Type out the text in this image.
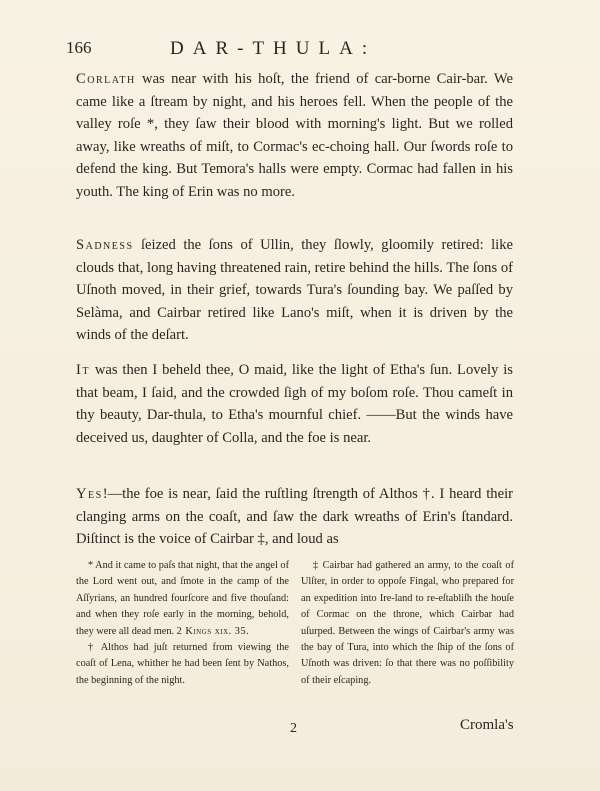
166	DAR-THULA:

Corlath was near with his hoſt, the friend of car-borne Cair-bar. We came like a ſtream by night, and his heroes fell. When the people of the valley roſe *, they ſaw their blood with morning's light. But we rolled away, like wreaths of miſt, to Cormac's ec-choing hall. Our ſwords roſe to defend the king. But Temora's halls were empty. Cormac had fallen in his youth. The king of Erin was no more.

Sadness ſeized the ſons of Ullin, they ſlowly, gloomily retired: like clouds that, long having threatened rain, retire behind the hills. The ſons of Uſnoth moved, in their grief, towards Tura's ſounding bay. We paſſed by Selàma, and Cairbar retired like Lano's miſt, when it is driven by the winds of the deſart.

It was then I beheld thee, O maid, like the light of Etha's ſun. Lovely is that beam, I ſaid, and the crowded ſigh of my boſom roſe. Thou cameſt in thy beauty, Dar-thula, to Etha's mournful chief. ——But the winds have deceived us, daughter of Colla, and the foe is near.

Yes!—the foe is near, ſaid the ruſtling ſtrength of Althos †. I heard their clanging arms on the coaſt, and ſaw the dark wreaths of Erin's ſtandard. Diſtinct is the voice of Cairbar ‡, and loud as

* And it came to paſs that night, that the angel of the Lord went out, and ſmote in the camp of the Aſſyrians, an hundred fourſcore and five thouſand: and when they roſe early in the morning, behold, they were all dead men. 2 Kings xix. 35.

† Althos had juſt returned from viewing the coaſt of Lena, whither he had been ſent by Nathos, the beginning of the night.

‡ Cairbar had gathered an army, to the coaſt of Ulſter, in order to oppoſe Fingal, who prepared for an expedition into Ire-land to re-eſtabliſh the houſe of Cormac on the throne, which Cairbar had uſurped. Between the wings of Cairbar's army was the bay of Tura, into which the ſhip of the ſons of Uſnoth was driven: ſo that there was no poſſibility of their eſcaping.

2	Cromla's
